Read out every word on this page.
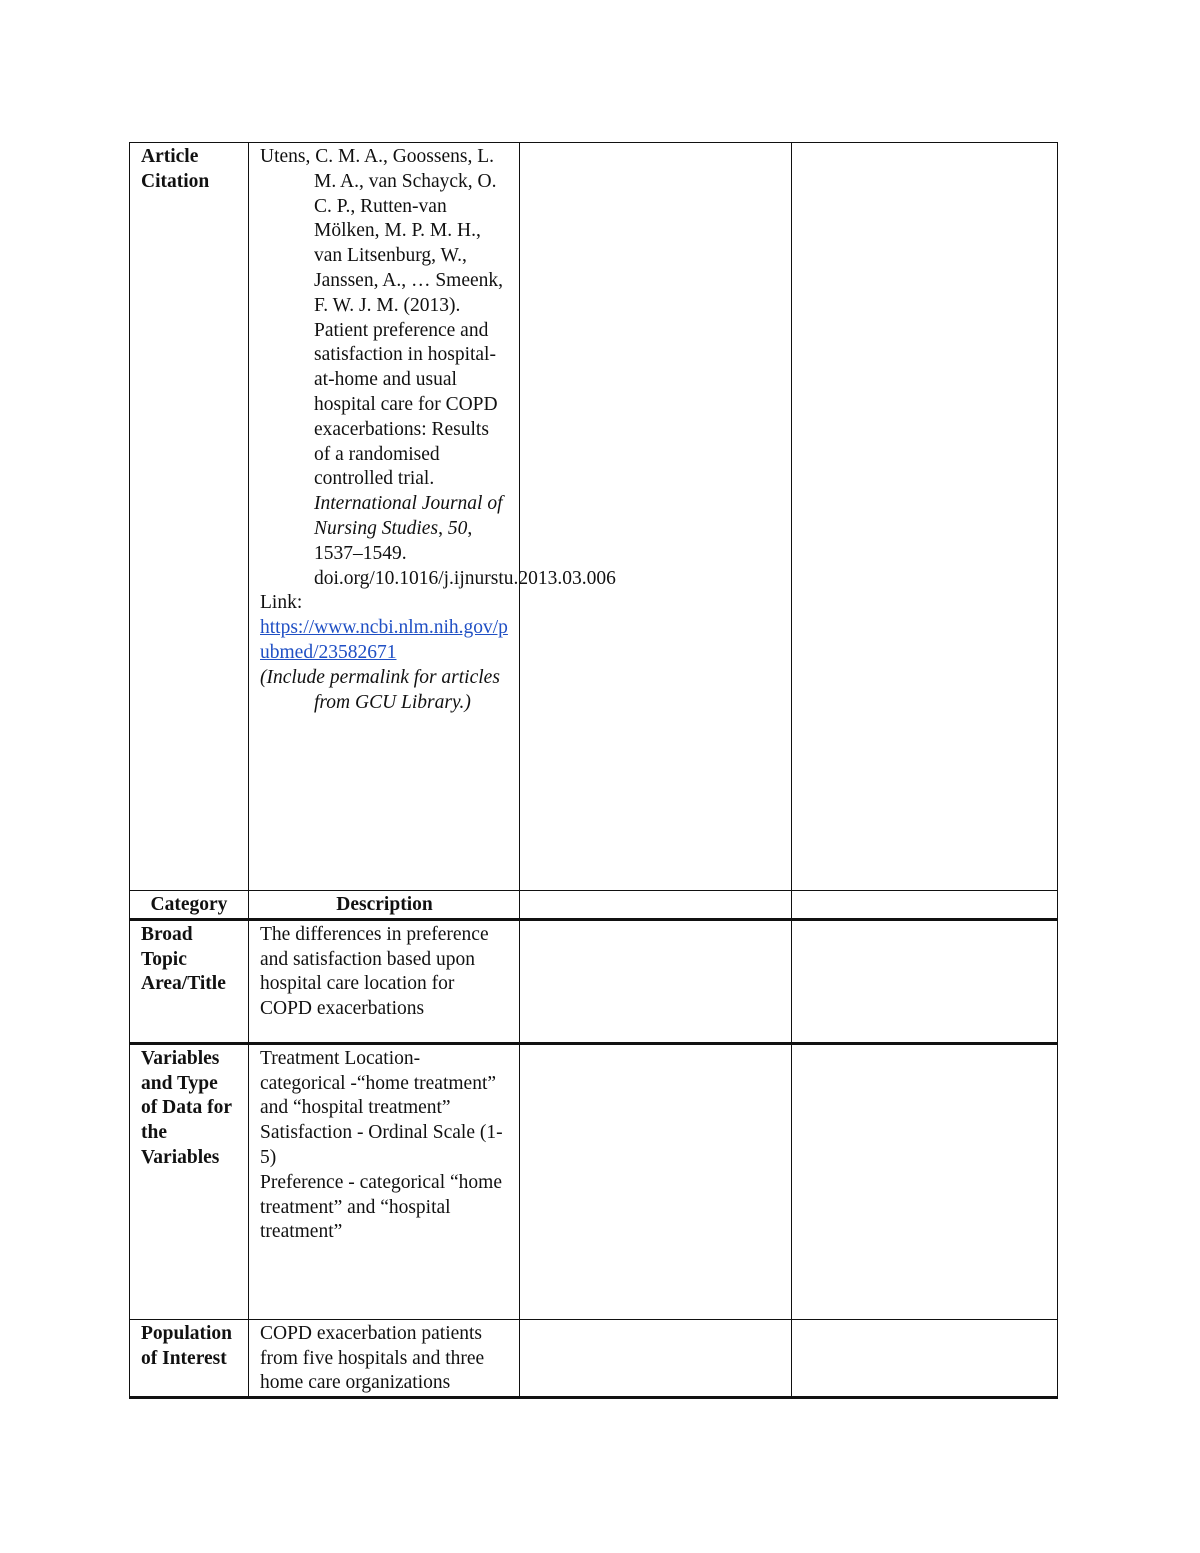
Article Citation	Utens, C. M. A., Goossens, L. M. A., van Schayck, O. C. P., Rutten-van Mölken, M. P. M. H., van Litsenburg, W., Janssen, A., … Smeenk, F. W. J. M. (2013). Patient preference and satisfaction in hospital-at-home and usual hospital care for COPD exacerbations: Results of a randomised controlled trial. International Journal of Nursing Studies, 50, 1537–1549. doi.org/10.1016/j.ijnurstu.2013.03.006
Link:
https://www.ncbi.nlm.nih.gov/pubmed/23582671
(Include permalink for articles from GCU Library.)		

Category	Description		
Broad Topic Area/Title	The differences in preference and satisfaction based upon hospital care location for COPD exacerbations		
Variables and Type of Data for the Variables	Treatment Location- categorical -“home treatment” and “hospital treatment”
Satisfaction - Ordinal Scale (1-5)
Preference - categorical “home treatment” and “hospital treatment”		

Population of Interest	COPD exacerbation patients from five hospitals and three home care organizations		
